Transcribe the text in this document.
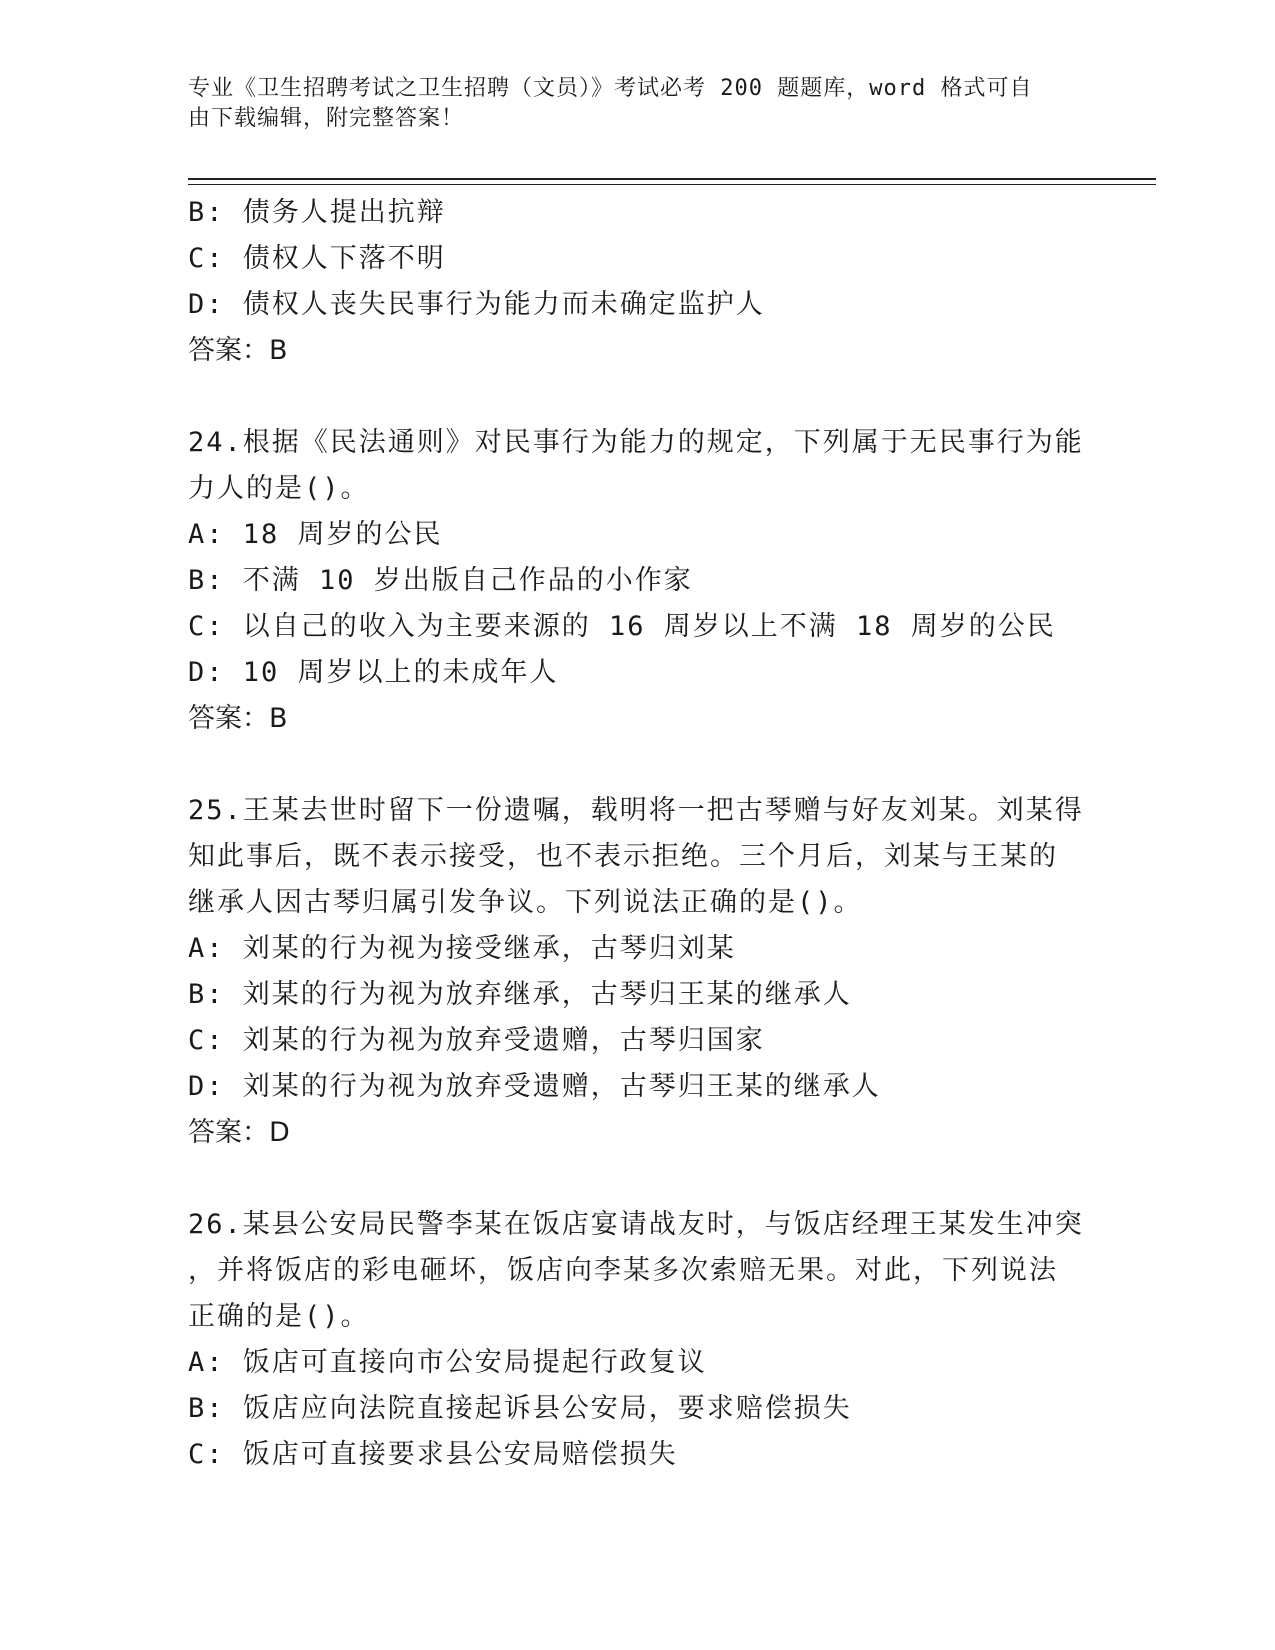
专业《卫生招聘考试之卫生招聘（文员）》考试必考 200 题题库，word 格式可自
由下载编辑，附完整答案！
B: 债务人提出抗辩
C: 债权人下落不明
D: 债权人丧失民事行为能力而未确定监护人
答案：B
24.根据《民法通则》对民事行为能力的规定，下列属于无民事行为能
力人的是()。
A: 18 周岁的公民
B: 不满 10 岁出版自己作品的小作家
C: 以自己的收入为主要来源的 16 周岁以上不满 18 周岁的公民
D: 10 周岁以上的未成年人
答案：B
25.王某去世时留下一份遗嘱，载明将一把古琴赠与好友刘某。刘某得
知此事后，既不表示接受，也不表示拒绝。三个月后，刘某与王某的
继承人因古琴归属引发争议。下列说法正确的是()。
A: 刘某的行为视为接受继承，古琴归刘某
B: 刘某的行为视为放弃继承，古琴归王某的继承人
C: 刘某的行为视为放弃受遗赠，古琴归国家
D: 刘某的行为视为放弃受遗赠，古琴归王某的继承人
答案：D
26.某县公安局民警李某在饭店宴请战友时，与饭店经理王某发生冲突
，并将饭店的彩电砸坏，饭店向李某多次索赔无果。对此，下列说法
正确的是()。
A: 饭店可直接向市公安局提起行政复议
B: 饭店应向法院直接起诉县公安局，要求赔偿损失
C: 饭店可直接要求县公安局赔偿损失
